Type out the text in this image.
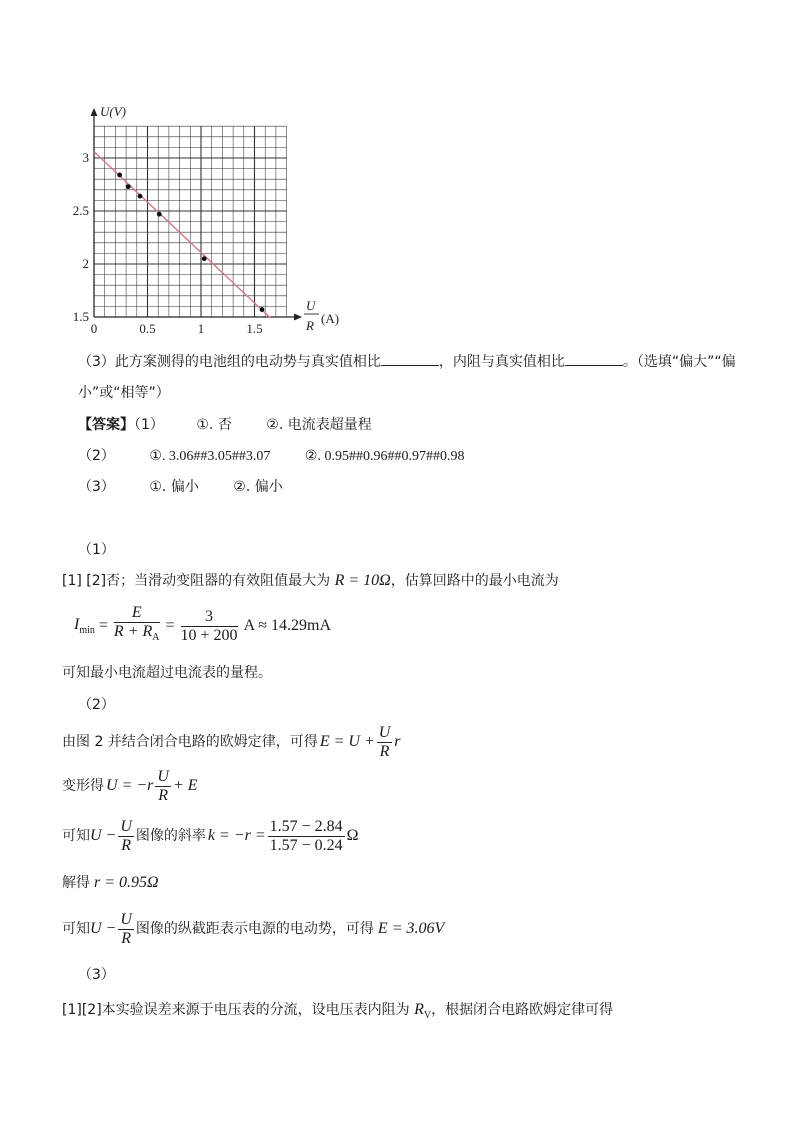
0	0.5	1	1.5
1.5
2
2.5
3
U(V)
U
R (A)
（3）此方案测得的电池组的电动势与真实值相比	，内阻与真实值相比	。（选填“偏大”“偏
小”或“相等”）
【答案】（1） ①. 否 ②. 电流表超量程
（2） ①. 3.06##3.05##3.07 ②. 0.95##0.96##0.97##0.98
（3） ①. 偏小 ②. 偏小
（1）
[1] [2]否；当滑动变阻器的有效阻值最大为 R = 10Ω，估算回路中的最小电流为
$I_{min} = \frac{E}{R + R_A} = \frac{3}{10 + 200}$ A ≈ 14.29mA
可知最小电流超过电流表的量程。
（2）
由图 2 并结合闭合电路的欧姆定律，可得 $E = U + \frac{U}{R}$ r
变形得 $U = -r \frac{U}{R} + E$
可知 $U - \frac{U}{R}$ 图像的斜率 $k = -r = \frac{1.57 - 2.84}{1.57 - 0.24}$ Ω
解得 r = 0.95Ω
可知 $U - \frac{U}{R}$ 图像的纵截距表示电源的电动势，可得 E = 3.06V
（3）
[1][2]本实验误差来源于电压表的分流，设电压表内阻为 $R_V$，根据闭合电路欧姆定律可得
